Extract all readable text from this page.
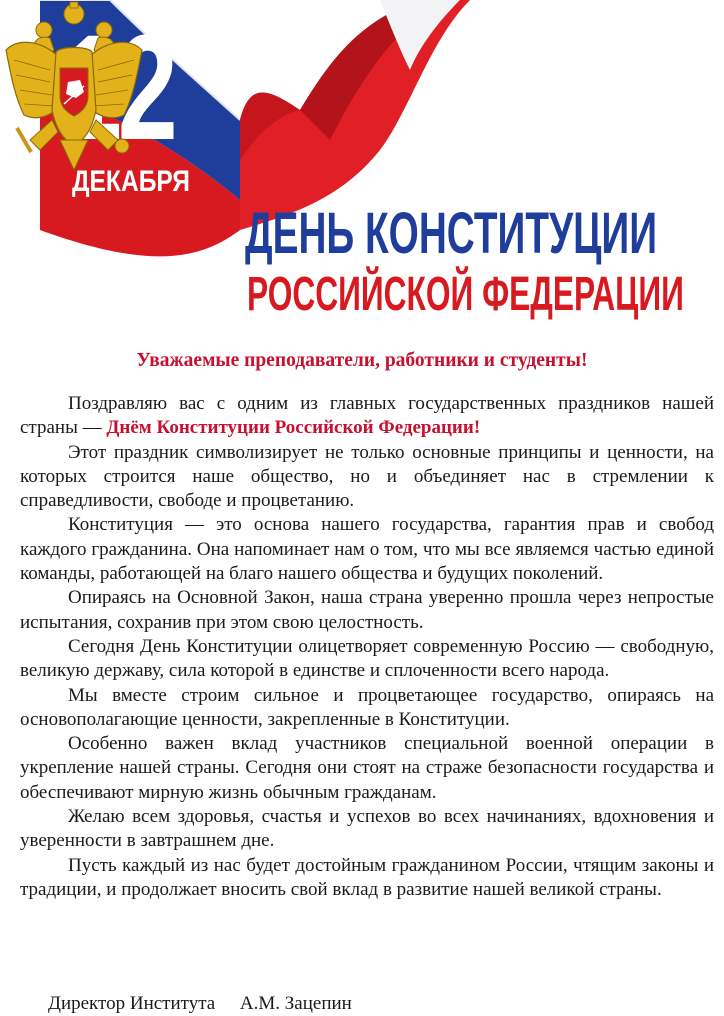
ДЕКАБРЯ
ДЕНЬ КОНСТИТУЦИИ
РОССИЙСКОЙ ФЕДЕРАЦИИ
Уважаемые преподаватели, работники и студенты!

Поздравляю вас с одним из главных государственных праздников нашей страны — Днём Конституции Российской Федерации!

Этот праздник символизирует не только основные принципы и ценности, на которых строится наше общество, но и объединяет нас в стремлении к справедливости, свободе и процветанию.

Конституция — это основа нашего государства, гарантия прав и свобод каждого гражданина. Она напоминает нам о том, что мы все являемся частью единой команды, работающей на благо нашего общества и будущих поколений.

Опираясь на Основной Закон, наша страна уверенно прошла через непростые испытания, сохранив при этом свою целостность.

Сегодня День Конституции олицетворяет современную Россию — свободную, великую державу, сила которой в единстве и сплоченности всего народа.

Мы вместе строим сильное и процветающее государство, опираясь на основополагающие ценности, закрепленные в Конституции.

Особенно важен вклад участников специальной военной операции в укрепление нашей страны. Сегодня они стоят на страже безопасности государства и обеспечивают мирную жизнь обычным гражданам.

Желаю всем здоровья, счастья и успехов во всех начинаниях, вдохновения и уверенности в завтрашнем дне.

Пусть каждый из нас будет достойным гражданином России, чтящим законы и традиции, и продолжает вносить свой вклад в развитие нашей великой страны.

Директор Института А.М. Зацепин
